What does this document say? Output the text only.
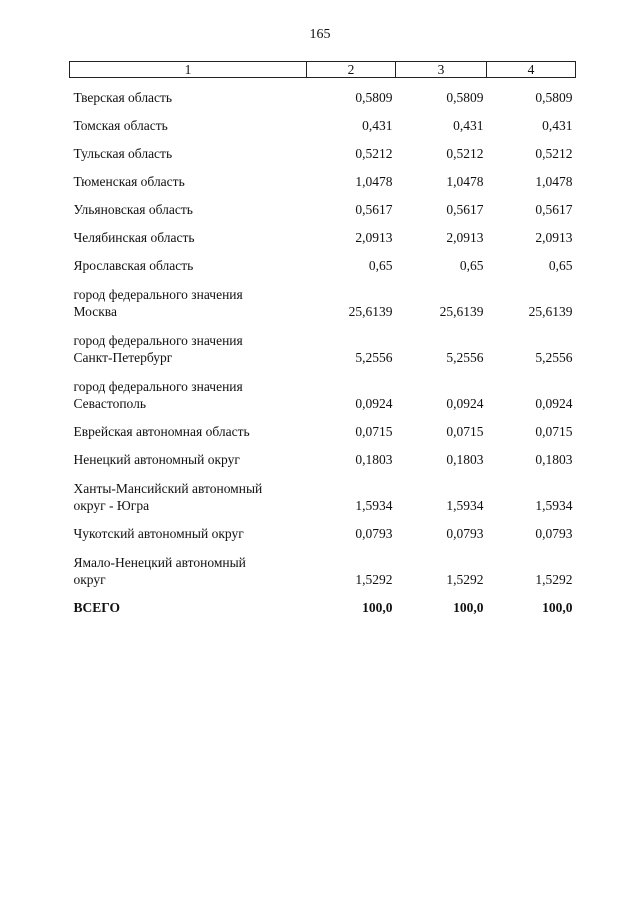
165
1	2	3	4

Тверская область	0,5809	0,5809	0,5809

Томская область	0,431	0,431	0,431

Тульская область	0,5212	0,5212	0,5212

Тюменская область	1,0478	1,0478	1,0478

Ульяновская область	0,5617	0,5617	0,5617

Челябинская область	2,0913	2,0913	2,0913

Ярославская область	0,65	0,65	0,65

город федерального значения
Москва	25,6139	25,6139	25,6139

город федерального значения
Санкт-Петербург	5,2556	5,2556	5,2556

город федерального значения
Севастополь	0,0924	0,0924	0,0924

Еврейская автономная область	0,0715	0,0715	0,0715

Ненецкий автономный округ	0,1803	0,1803	0,1803

Ханты-Мансийский автономный
округ - Югра	1,5934	1,5934	1,5934

Чукотский автономный округ	0,0793	0,0793	0,0793

Ямало-Ненецкий автономный
округ	1,5292	1,5292	1,5292

ВСЕГО	100,0	100,0	100,0
